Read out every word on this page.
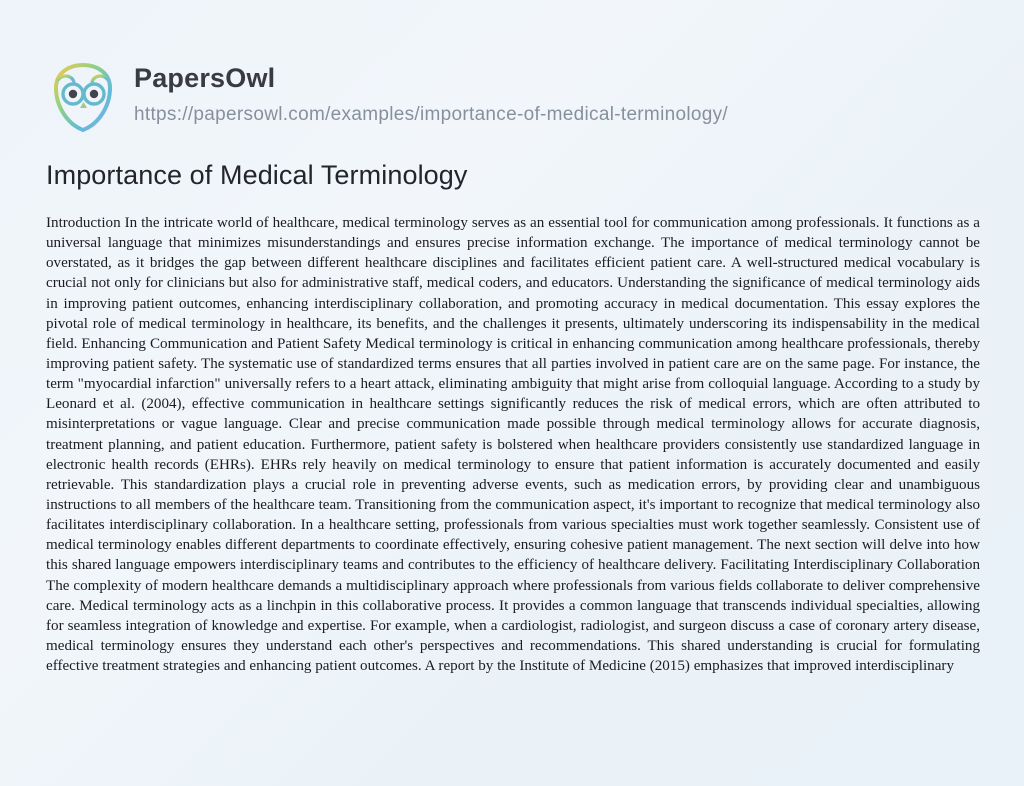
PapersOwl
https://papersowl.com/examples/importance-of-medical-terminology/
Importance of Medical Terminology

Introduction In the intricate world of healthcare, medical terminology serves as an essential tool for communication among professionals. It functions as a universal language that minimizes misunderstandings and ensures precise information exchange. The importance of medical terminology cannot be overstated, as it bridges the gap between different healthcare disciplines and facilitates efficient patient care. A well-structured medical vocabulary is crucial not only for clinicians but also for administrative staff, medical coders, and educators. Understanding the significance of medical terminology aids in improving patient outcomes, enhancing interdisciplinary collaboration, and promoting accuracy in medical documentation. This essay explores the pivotal role of medical terminology in healthcare, its benefits, and the challenges it presents, ultimately underscoring its indispensability in the medical field. Enhancing Communication and Patient Safety Medical terminology is critical in enhancing communication among healthcare professionals, thereby improving patient safety. The systematic use of standardized terms ensures that all parties involved in patient care are on the same page. For instance, the term "myocardial infarction" universally refers to a heart attack, eliminating ambiguity that might arise from colloquial language. According to a study by Leonard et al. (2004), effective communication in healthcare settings significantly reduces the risk of medical errors, which are often attributed to misinterpretations or vague language. Clear and precise communication made possible through medical terminology allows for accurate diagnosis, treatment planning, and patient education. Furthermore, patient safety is bolstered when healthcare providers consistently use standardized language in electronic health records (EHRs). EHRs rely heavily on medical terminology to ensure that patient information is accurately documented and easily retrievable. This standardization plays a crucial role in preventing adverse events, such as medication errors, by providing clear and unambiguous instructions to all members of the healthcare team. Transitioning from the communication aspect, it's important to recognize that medical terminology also facilitates interdisciplinary collaboration. In a healthcare setting, professionals from various specialties must work together seamlessly. Consistent use of medical terminology enables different departments to coordinate effectively, ensuring cohesive patient management. The next section will delve into how this shared language empowers interdisciplinary teams and contributes to the efficiency of healthcare delivery. Facilitating Interdisciplinary Collaboration The complexity of modern healthcare demands a multidisciplinary approach where professionals from various fields collaborate to deliver comprehensive care. Medical terminology acts as a linchpin in this collaborative process. It provides a common language that transcends individual specialties, allowing for seamless integration of knowledge and expertise. For example, when a cardiologist, radiologist, and surgeon discuss a case of coronary artery disease, medical terminology ensures they understand each other's perspectives and recommendations. This shared understanding is crucial for formulating effective treatment strategies and enhancing patient outcomes. A report by the Institute of Medicine (2015) emphasizes that improved interdisciplinary
